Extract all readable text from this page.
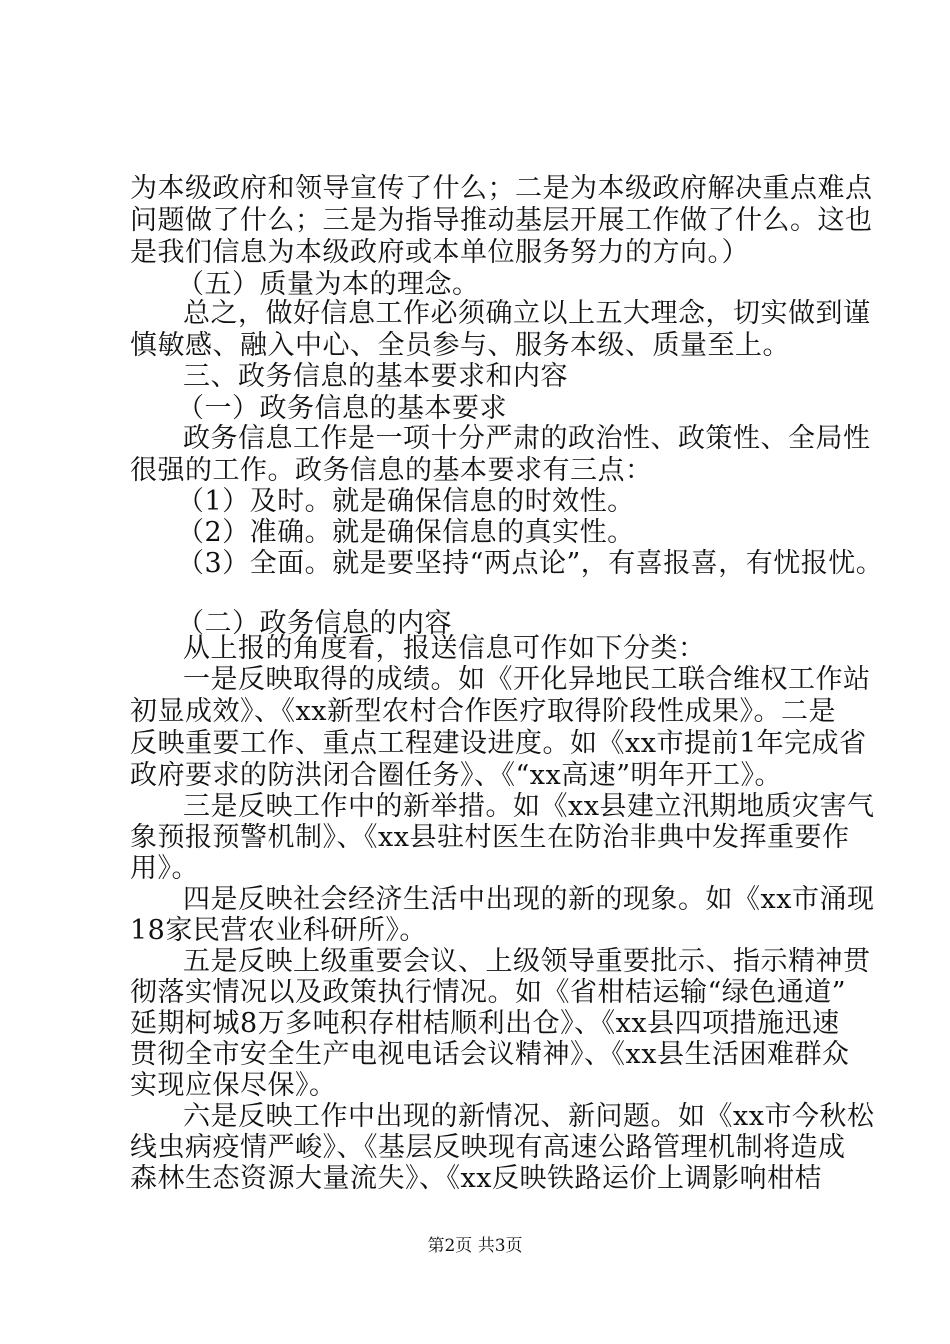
为本级政府和领导宣传了什么；二是为本级政府解决重点难点
问题做了什么；三是为指导推动基层开展工作做了什么。这也
是我们信息为本级政府或本单位服务努力的方向。）
（五）质量为本的理念。
总之，做好信息工作必须确立以上五大理念，切实做到谨
慎敏感、融入中心、全员参与、服务本级、质量至上。
三、政务信息的基本要求和内容
（一）政务信息的基本要求
政务信息工作是一项十分严肃的政治性、政策性、全局性
很强的工作。政务信息的基本要求有三点：
（1）及时。就是确保信息的时效性。
（2）准确。就是确保信息的真实性。
（3）全面。就是要坚持“两点论”，有喜报喜，有忧报忧。
（二）政务信息的内容
从上报的角度看，报送信息可作如下分类：
一是反映取得的成绩。如《开化异地民工联合维权工作站
初显成效》、《xx新型农村合作医疗取得阶段性成果》。二是
反映重要工作、重点工程建设进度。如《xx市提前1年完成省
政府要求的防洪闭合圈任务》、《“xx高速”明年开工》。
三是反映工作中的新举措。如《xx县建立汛期地质灾害气
象预报预警机制》、《xx县驻村医生在防治非典中发挥重要作
用》。
四是反映社会经济生活中出现的新的现象。如《xx市涌现
18家民营农业科研所》。
五是反映上级重要会议、上级领导重要批示、指示精神贯
彻落实情况以及政策执行情况。如《省柑桔运输“绿色通道”
延期柯城8万多吨积存柑桔顺利出仓》、《xx县四项措施迅速
贯彻全市安全生产电视电话会议精神》、《xx县生活困难群众
实现应保尽保》。
六是反映工作中出现的新情况、新问题。如《xx市今秋松
线虫病疫情严峻》、《基层反映现有高速公路管理机制将造成
森林生态资源大量流失》、《xx反映铁路运价上调影响柑桔
第2页 共3页
